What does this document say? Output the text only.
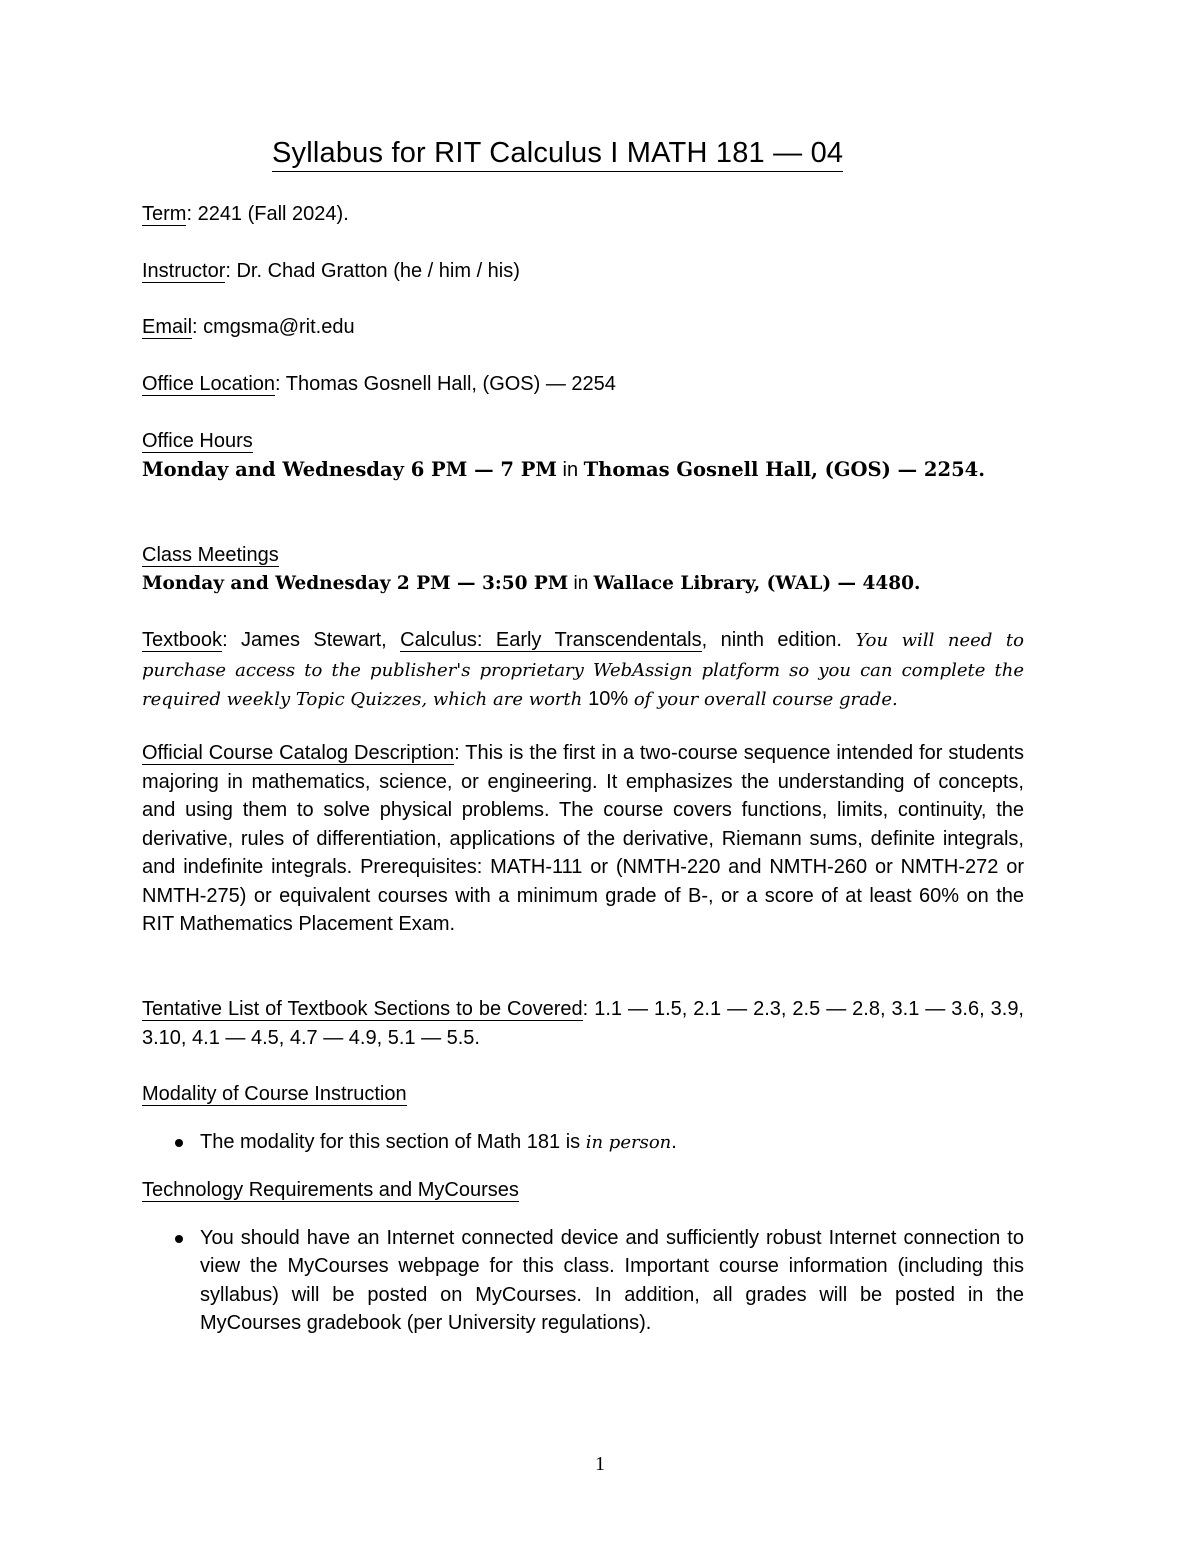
Syllabus for RIT Calculus I MATH 181 — 04
Term: 2241 (Fall 2024).
Instructor: Dr. Chad Gratton (he / him / his)
Email: cmgsma@rit.edu
Office Location: Thomas Gosnell Hall, (GOS) — 2254
Office Hours
Monday and Wednesday 6 PM — 7 PM in Thomas Gosnell Hall, (GOS) — 2254.
Class Meetings
Monday and Wednesday 2 PM — 3:50 PM in Wallace Library, (WAL) — 4480.
Textbook: James Stewart, Calculus: Early Transcendentals, ninth edition. You will need to purchase access to the publisher's proprietary WebAssign platform so you can complete the required weekly Topic Quizzes, which are worth 10% of your overall course grade.
Official Course Catalog Description: This is the first in a two-course sequence intended for students majoring in mathematics, science, or engineering. It emphasizes the understanding of concepts, and using them to solve physical problems. The course covers functions, limits, continuity, the derivative, rules of differentiation, applications of the derivative, Riemann sums, definite integrals, and indefinite integrals. Prerequisites: MATH-111 or (NMTH-220 and NMTH-260 or NMTH-272 or NMTH-275) or equivalent courses with a minimum grade of B-, or a score of at least 60% on the RIT Mathematics Placement Exam.
Tentative List of Textbook Sections to be Covered: 1.1 — 1.5, 2.1 — 2.3, 2.5 — 2.8, 3.1 — 3.6, 3.9, 3.10, 4.1 — 4.5, 4.7 — 4.9, 5.1 — 5.5.
Modality of Course Instruction
The modality for this section of Math 181 is in person.
Technology Requirements and MyCourses
You should have an Internet connected device and sufficiently robust Internet connection to view the MyCourses webpage for this class. Important course information (including this syllabus) will be posted on MyCourses. In addition, all grades will be posted in the MyCourses gradebook (per University regulations).
1
